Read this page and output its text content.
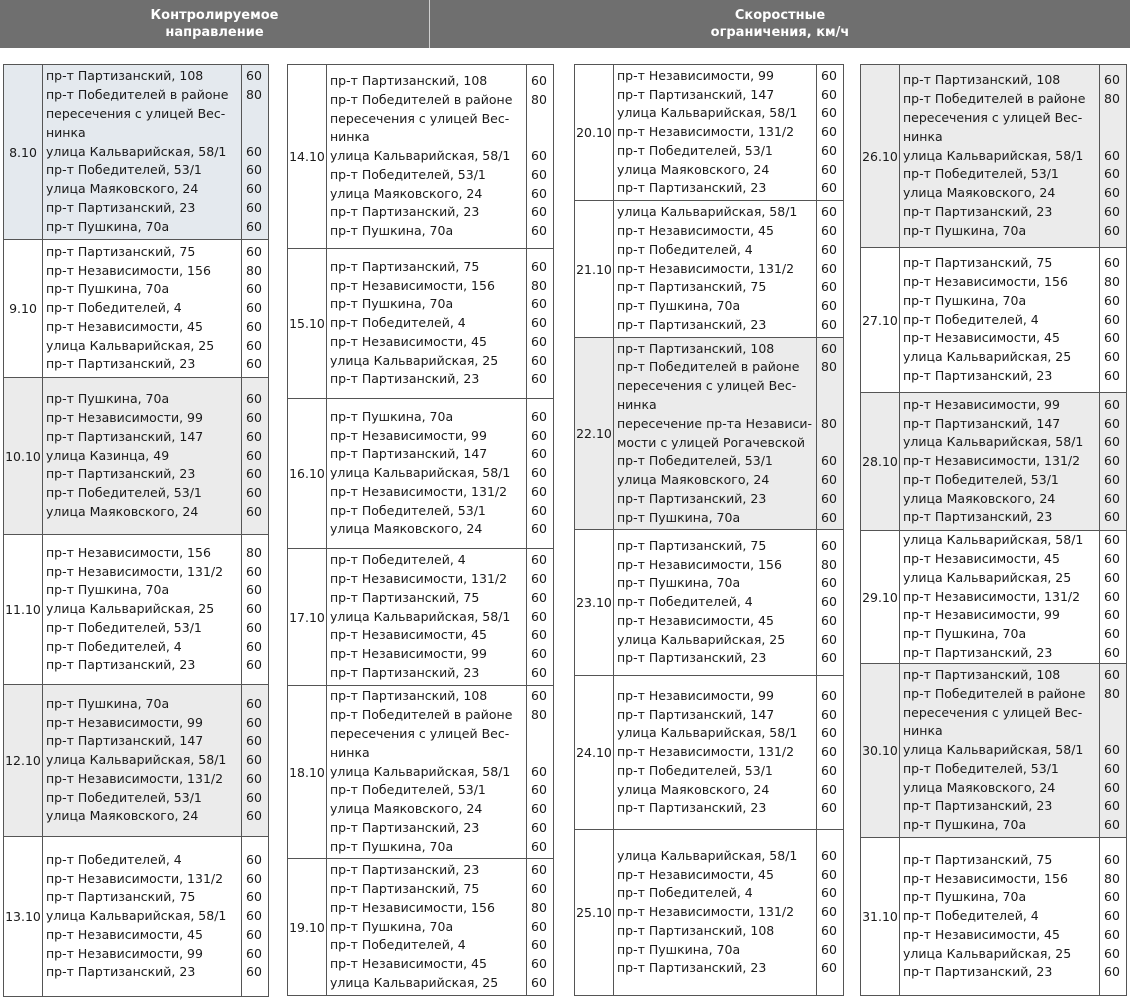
Контролируемое
направление
Скоростные
ограничения, км/ч
8.10
пр-т Партизанский, 108
пр-т Победителей в районе
пересечения с улицей Вес-
нинка
улица Кальварийская, 58/1
пр-т Победителей, 53/1
улица Маяковского, 24
пр-т Партизанский, 23
пр-т Пушкина, 70а
60
80

60
60
60
60
60
9.10
пр-т Партизанский, 75
пр-т Независимости, 156
пр-т Пушкина, 70а
пр-т Победителей, 4
пр-т Независимости, 45
улица Кальварийская, 25
пр-т Партизанский, 23
60
80
60
60
60
60
60
10.10
пр-т Пушкина, 70а
пр-т Независимости, 99
пр-т Партизанский, 147
улица Казинца, 49
пр-т Партизанский, 23
пр-т Победителей, 53/1
улица Маяковского, 24
60
60
60
60
60
60
60
11.10
пр-т Независимости, 156
пр-т Независимости, 131/2
пр-т Пушкина, 70а
улица Кальварийская, 25
пр-т Победителей, 53/1
пр-т Победителей, 4
пр-т Партизанский, 23
80
60
60
60
60
60
60
12.10
пр-т Пушкина, 70а
пр-т Независимости, 99
пр-т Партизанский, 147
улица Кальварийская, 58/1
пр-т Независимости, 131/2
пр-т Победителей, 53/1
улица Маяковского, 24
60
60
60
60
60
60
60
13.10
пр-т Победителей, 4
пр-т Независимости, 131/2
пр-т Партизанский, 75
улица Кальварийская, 58/1
пр-т Независимости, 45
пр-т Независимости, 99
пр-т Партизанский, 23
60
60
60
60
60
60
60
14.10
пр-т Партизанский, 108
пр-т Победителей в районе
пересечения с улицей Вес-
нинка
улица Кальварийская, 58/1
пр-т Победителей, 53/1
улица Маяковского, 24
пр-т Партизанский, 23
пр-т Пушкина, 70а
60
80

60
60
60
60
60
15.10
пр-т Партизанский, 75
пр-т Независимости, 156
пр-т Пушкина, 70а
пр-т Победителей, 4
пр-т Независимости, 45
улица Кальварийская, 25
пр-т Партизанский, 23
60
80
60
60
60
60
60
16.10
пр-т Пушкина, 70а
пр-т Независимости, 99
пр-т Партизанский, 147
улица Кальварийская, 58/1
пр-т Независимости, 131/2
пр-т Победителей, 53/1
улица Маяковского, 24
60
60
60
60
60
60
60
17.10
пр-т Победителей, 4
пр-т Независимости, 131/2
пр-т Партизанский, 75
улица Кальварийская, 58/1
пр-т Независимости, 45
пр-т Независимости, 99
пр-т Партизанский, 23
60
60
60
60
60
60
60
18.10
пр-т Партизанский, 108
пр-т Победителей в районе
пересечения с улицей Вес-
нинка
улица Кальварийская, 58/1
пр-т Победителей, 53/1
улица Маяковского, 24
пр-т Партизанский, 23
пр-т Пушкина, 70а
60
80

60
60
60
60
60
19.10
пр-т Партизанский, 23
пр-т Партизанский, 75
пр-т Независимости, 156
пр-т Пушкина, 70а
пр-т Победителей, 4
пр-т Независимости, 45
улица Кальварийская, 25
60
60
80
60
60
60
60
20.10
пр-т Независимости, 99
пр-т Партизанский, 147
улица Кальварийская, 58/1
пр-т Независимости, 131/2
пр-т Победителей, 53/1
улица Маяковского, 24
пр-т Партизанский, 23
60
60
60
60
60
60
60
21.10
улица Кальварийская, 58/1
пр-т Независимости, 45
пр-т Победителей, 4
пр-т Независимости, 131/2
пр-т Партизанский, 75
пр-т Пушкина, 70а
пр-т Партизанский, 23
60
60
60
60
60
60
60
22.10
пр-т Партизанский, 108
пр-т Победителей в районе
пересечения с улицей Вес-
нинка
пересечение пр-та Независи-
мости с улицей Рогачевской
пр-т Победителей, 53/1
улица Маяковского, 24
пр-т Партизанский, 23
пр-т Пушкина, 70а
60
80

80

60
60
60
60
23.10
пр-т Партизанский, 75
пр-т Независимости, 156
пр-т Пушкина, 70а
пр-т Победителей, 4
пр-т Независимости, 45
улица Кальварийская, 25
пр-т Партизанский, 23
60
80
60
60
60
60
60
24.10
пр-т Независимости, 99
пр-т Партизанский, 147
улица Кальварийская, 58/1
пр-т Независимости, 131/2
пр-т Победителей, 53/1
улица Маяковского, 24
пр-т Партизанский, 23
60
60
60
60
60
60
60
25.10
улица Кальварийская, 58/1
пр-т Независимости, 45
пр-т Победителей, 4
пр-т Независимости, 131/2
пр-т Партизанский, 108
пр-т Пушкина, 70а
пр-т Партизанский, 23
60
60
60
60
60
60
60
26.10
пр-т Партизанский, 108
пр-т Победителей в районе
пересечения с улицей Вес-
нинка
улица Кальварийская, 58/1
пр-т Победителей, 53/1
улица Маяковского, 24
пр-т Партизанский, 23
пр-т Пушкина, 70а
60
80

60
60
60
60
60
27.10
пр-т Партизанский, 75
пр-т Независимости, 156
пр-т Пушкина, 70а
пр-т Победителей, 4
пр-т Независимости, 45
улица Кальварийская, 25
пр-т Партизанский, 23
60
80
60
60
60
60
60
28.10
пр-т Независимости, 99
пр-т Партизанский, 147
улица Кальварийская, 58/1
пр-т Независимости, 131/2
пр-т Победителей, 53/1
улица Маяковского, 24
пр-т Партизанский, 23
60
60
60
60
60
60
60
29.10
улица Кальварийская, 58/1
пр-т Независимости, 45
улица Кальварийская, 25
пр-т Независимости, 131/2
пр-т Независимости, 99
пр-т Пушкина, 70а
пр-т Партизанский, 23
60
60
60
60
60
60
60
30.10
пр-т Партизанский, 108
пр-т Победителей в районе
пересечения с улицей Вес-
нинка
улица Кальварийская, 58/1
пр-т Победителей, 53/1
улица Маяковского, 24
пр-т Партизанский, 23
пр-т Пушкина, 70а
60
80

60
60
60
60
60
31.10
пр-т Партизанский, 75
пр-т Независимости, 156
пр-т Пушкина, 70а
пр-т Победителей, 4
пр-т Независимости, 45
улица Кальварийская, 25
пр-т Партизанский, 23
60
80
60
60
60
60
60
